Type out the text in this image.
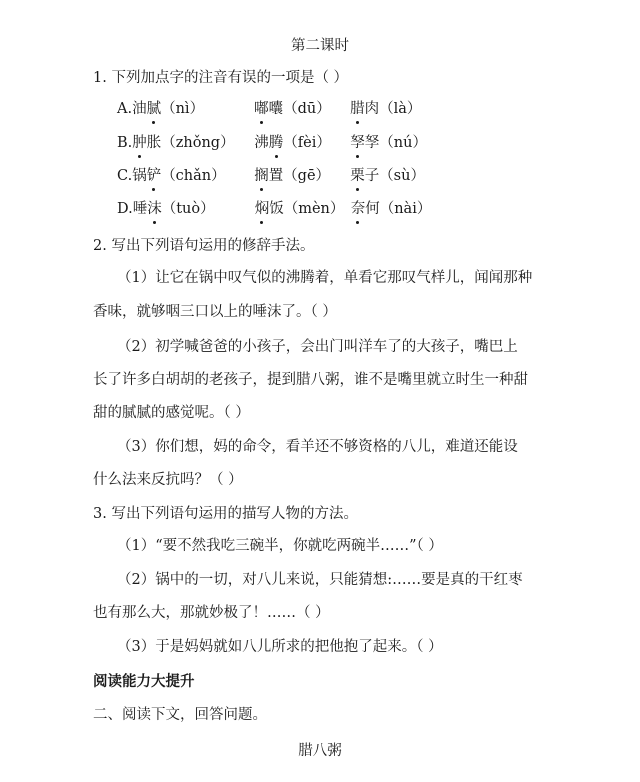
第二课时
1. 下列加点字的注音有误的一项是（ ）
A.油腻（nì）	嘟囔（dū） 腊肉（là）
B.肿胀（zhǒng） 沸腾（fèi） 孥孥（nú）
C.锅铲（chǎn） 搁置（gē） 栗子（sù）
D.唾沫（tuò）	焖饭（mèn） 奈何（nài）
2. 写出下列语句运用的修辞手法。
（1）让它在锅中叹气似的沸腾着，单看它那叹气样儿，闻闻那种
香味，就够咽三口以上的唾沫了。（ ）
（2）初学喊爸爸的小孩子，会出门叫洋车了的大孩子，嘴巴上
长了许多白胡胡的老孩子，提到腊八粥，谁不是嘴里就立时生一种甜
甜的腻腻的感觉呢。（ ）
（3）你们想，妈的命令，看羊还不够资格的八儿，难道还能设
什么法来反抗吗？（ ）
3. 写出下列语句运用的描写人物的方法。
（1）“要不然我吃三碗半，你就吃两碗半……”（ ）
（2）锅中的一切，对八儿来说，只能猜想:……要是真的干红枣
也有那么大，那就妙极了！……（ ）
（3）于是妈妈就如八儿所求的把他抱了起来。（ ）
阅读能力大提升
二、阅读下文，回答问题。
腊八粥
